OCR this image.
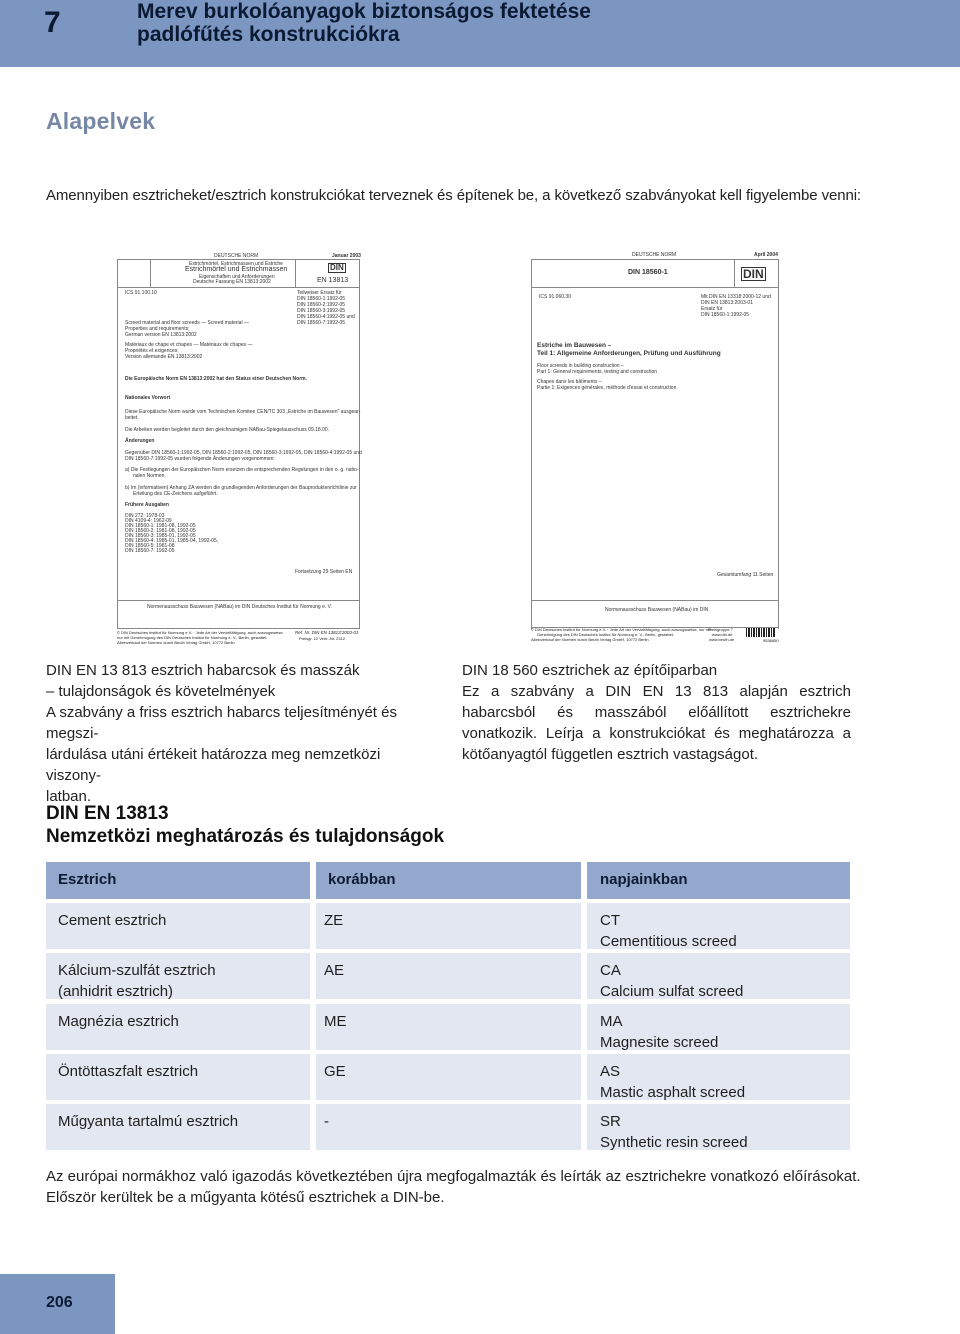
7	Merev burkolóanyagok biztonságos fektetése
padlófűtés konstrukciókra
Alapelvek
Amennyiben esztricheket/esztrich konstrukciókat terveznek és építenek be, a következő szabványokat kell figyelembe venni:
DEUTSCHE NORM	Januar 2003
Estrichmörtel, Estrichmassen und Estriche
Estrichmörtel und Estrichmassen
Eigenschaften und Anforderungen
Deutsche Fassung EN 13813:2002
DIN
EN 13813
ICS 91.100.10	Teilweiser Ersatz für
DIN 18560-1:1992-05
DIN 18560-2:1992-05
DIN 18560-3:1992-05
DIN 18560-4:1992-05 und
DIN 18560-7:1992-05
Screed material and floor screeds — Screed material —
Properties and requirements;
German version EN 13813:2002
Matériaux de chape et chapes — Matériaux de chapes —
Propriétés et exigences;
Version allemande EN 13813:2002
Die Europäische Norm EN 13813:2002 hat den Status einer Deutschen Norm.
Nationales Vorwort
Diese Europäische Norm wurde vom Technischen Komitee CEN/TC 303 „Estriche im Bauwesen" ausgear-
beitet.
Die Arbeiten werden begleitet durch den gleichnamigen NABau-Spiegelausschuss 09.18.00.
Änderungen
Gegenüber DIN 18560-1:1992-05, DIN 18560-2:1992-05, DIN 18560-3:1992-05, DIN 18560-4:1992-05 und
DIN 18560-7:1992-05 wurden folgende Änderungen vorgenommen:
a) Die Festlegungen der Europäischen Norm ersetzen die entsprechenden Regelungen in den o. g. natio-
nalen Normen.
b) Im (informativen) Anhang ZA werden die grundlegenden Anforderungen der Bauproduktenrichtlinie zur
Erteilung des CE-Zeichens aufgeführt.
Frühere Ausgaben
DIN 272: 1978-03
DIN 4109-4: 1962-09
DIN 18560-1: 1981-08, 1992-05
DIN 18560-2: 1981-08, 1992-05
DIN 18560-3: 1985-01, 1992-05
DIN 18560-4: 1985-01, 1985-04, 1992-05,
DIN 18560-5: 1981-08
DIN 18560-7: 1992-05
Fortsetzung 29 Seiten EN
Normenausschuss Bauwesen (NABau) im DIN Deutsches Institut für Normung e. V.
© DIN Deutsches Institut für Normung e.V. · Jede Art der Vervielfältigung, auch auszugsweise,
nur mit Genehmigung des DIN Deutsches Institut für Normung e. V., Berlin, gestattet.
Alleinverkauf der Normen durch Beuth Verlag GmbH, 10772 Berlin
Ref. Nr. DIN EN 13813:2003-01
Preisgr. 12 Vertr.-Nr. 2312
DEUTSCHE NORM	April 2004
DIN 18560-1	DIN
ICS 91.060.30	Mit DIN EN 13318:2000-12 und
DIN EN 13813:2003-01
Ersatz für
DIN 18560-1:1992-05
Estriche im Bauwesen –
Teil 1: Allgemeine Anforderungen, Prüfung und Ausführung
Floor screeds in building construction –
Part 1: General requirements, testing and construction
Chapes dans les bâtiments –
Partie 1: Exigences générales, méthode d'essai et construction
Gesamtumfang 11 Seiten
Normenausschuss Bauwesen (NABau) im DIN
© DIN Deutsches Institut für Normung e.V. · Jede Art der Vervielfältigung, auch auszugsweise, nur mit
Genehmigung des DIN Deutsches Institut für Normung e. V., Berlin, gestattet.
Alleinverkauf der Normen durch Beuth Verlag GmbH, 10772 Berlin
Preisgruppe 7
www.din.de
www.beuth.de	9536850

DIN EN 13 813 esztrich habarcsok és masszák

– tulajdonságok és követelmények

A szabvány a friss esztrich habarcs teljesítményét és megszi-

lárdulása utáni értékeit határozza meg nemzetközi viszony-

latban.

DIN 18 560 esztrichek az építőiparban

Ez a szabvány a DIN EN 13 813 alapján esztrich habarcsból és masszából előállított esztrichekre vonatkozik. Leírja a konstrukciókat és meghatározza a kötőanyagtól független esztrich vastagságot.

DIN EN 13813
Nemzetközi meghatározás és tulajdonságok
Esztrich	korábban	napjainkban
Cement esztrich	ZE	CT
Cementitious screed
Kálcium-szulfát esztrich
(anhidrit esztrich)
AE	CA
Calcium sulfat screed
Magnézia esztrich	ME	MA
Magnesite screed
Öntöttaszfalt esztrich	GE	AS
Mastic asphalt screed
Műgyanta tartalmú esztrich	-	SR
Synthetic resin screed
Az európai normákhoz való igazodás következtében újra megfogalmazták és leírták az esztrichekre vonatkozó előírásokat.
Először kerültek be a műgyanta kötésű esztrichek a DIN-be.
206
